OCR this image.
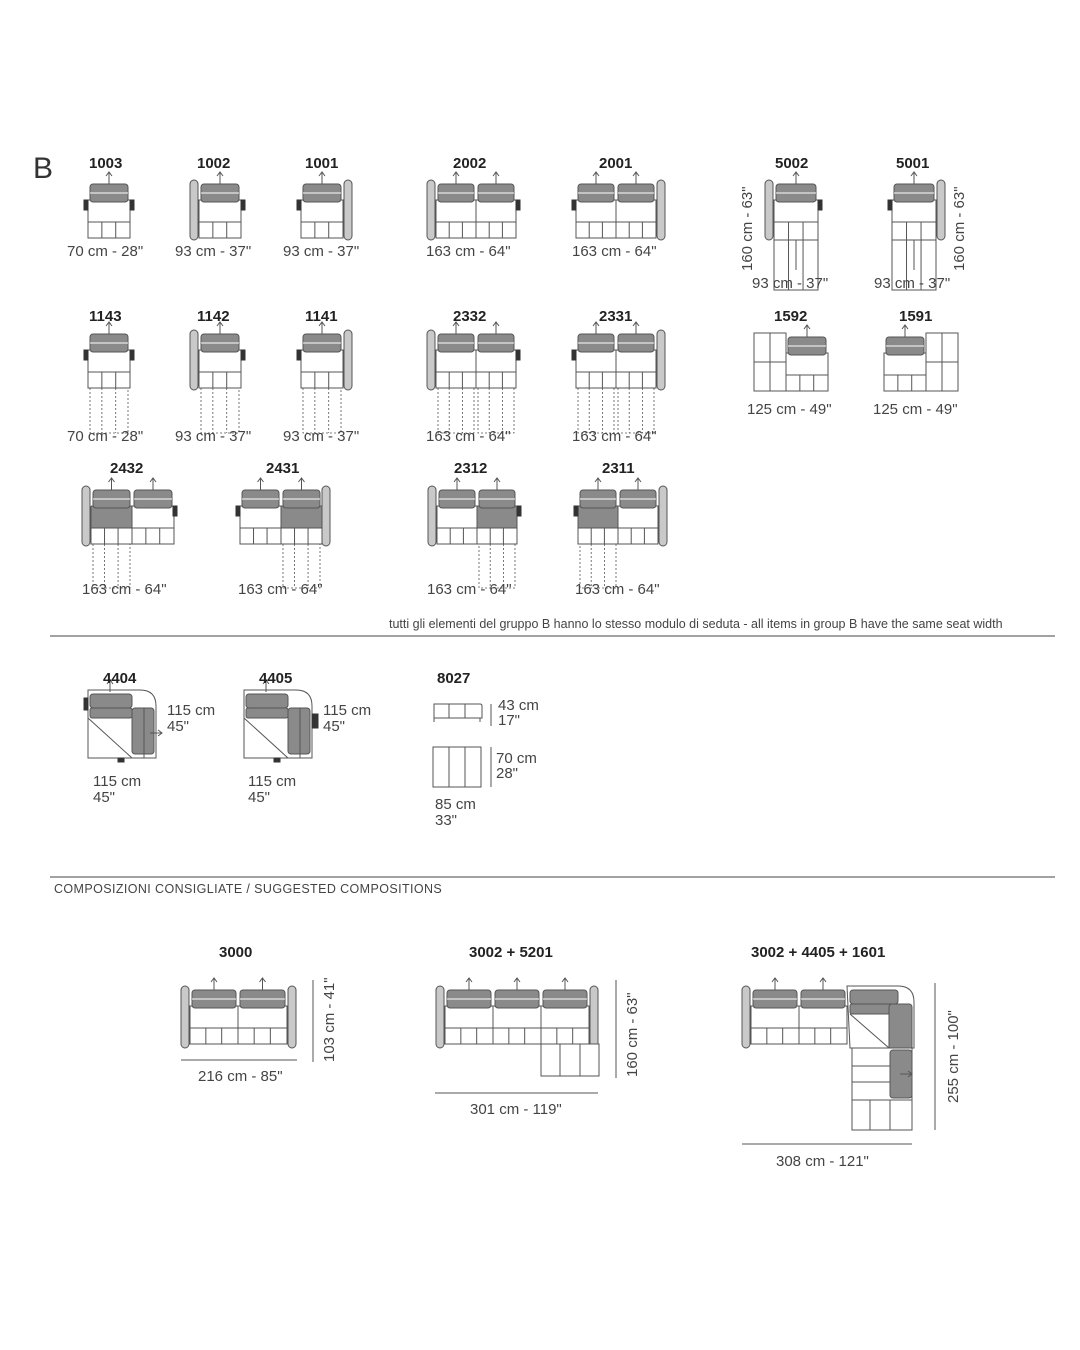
B 1003	1002	1001	2002	2001	5002	5001
70 cm - 28" 93 cm - 37" 93 cm - 37"	163 cm - 64"	163 cm - 64"
93 cm - 37"	93 cm - 37"
160 cm - 63"	160 cm - 63"
1143	1142	1141	2332	2331	1592	1591
70 cm - 28" 93 cm - 37" 93 cm - 37"	163 cm - 64"	163 cm - 64"
125 cm - 49"	125 cm - 49"
2432	2431	2312	2311
163 cm - 64"	163 cm - 64"	163 cm - 64"	163 cm - 64"
tutti gli elementi del gruppo B hanno lo stesso modulo di seduta - all items in group B have the same seat width
4404
115 cm
45"
115 cm
45"
4405
115 cm
45"
115 cm
45"
8027
43 cm
17"
70 cm
28"
85 cm
33"
COMPOSIZIONI CONSIGLIATE / SUGGESTED COMPOSITIONS
3000
216 cm - 85"
103 cm - 41"
3002 + 5201
301 cm - 119"
160 cm - 63"
3002 + 4405 + 1601
308 cm - 121"
255 cm - 100"
